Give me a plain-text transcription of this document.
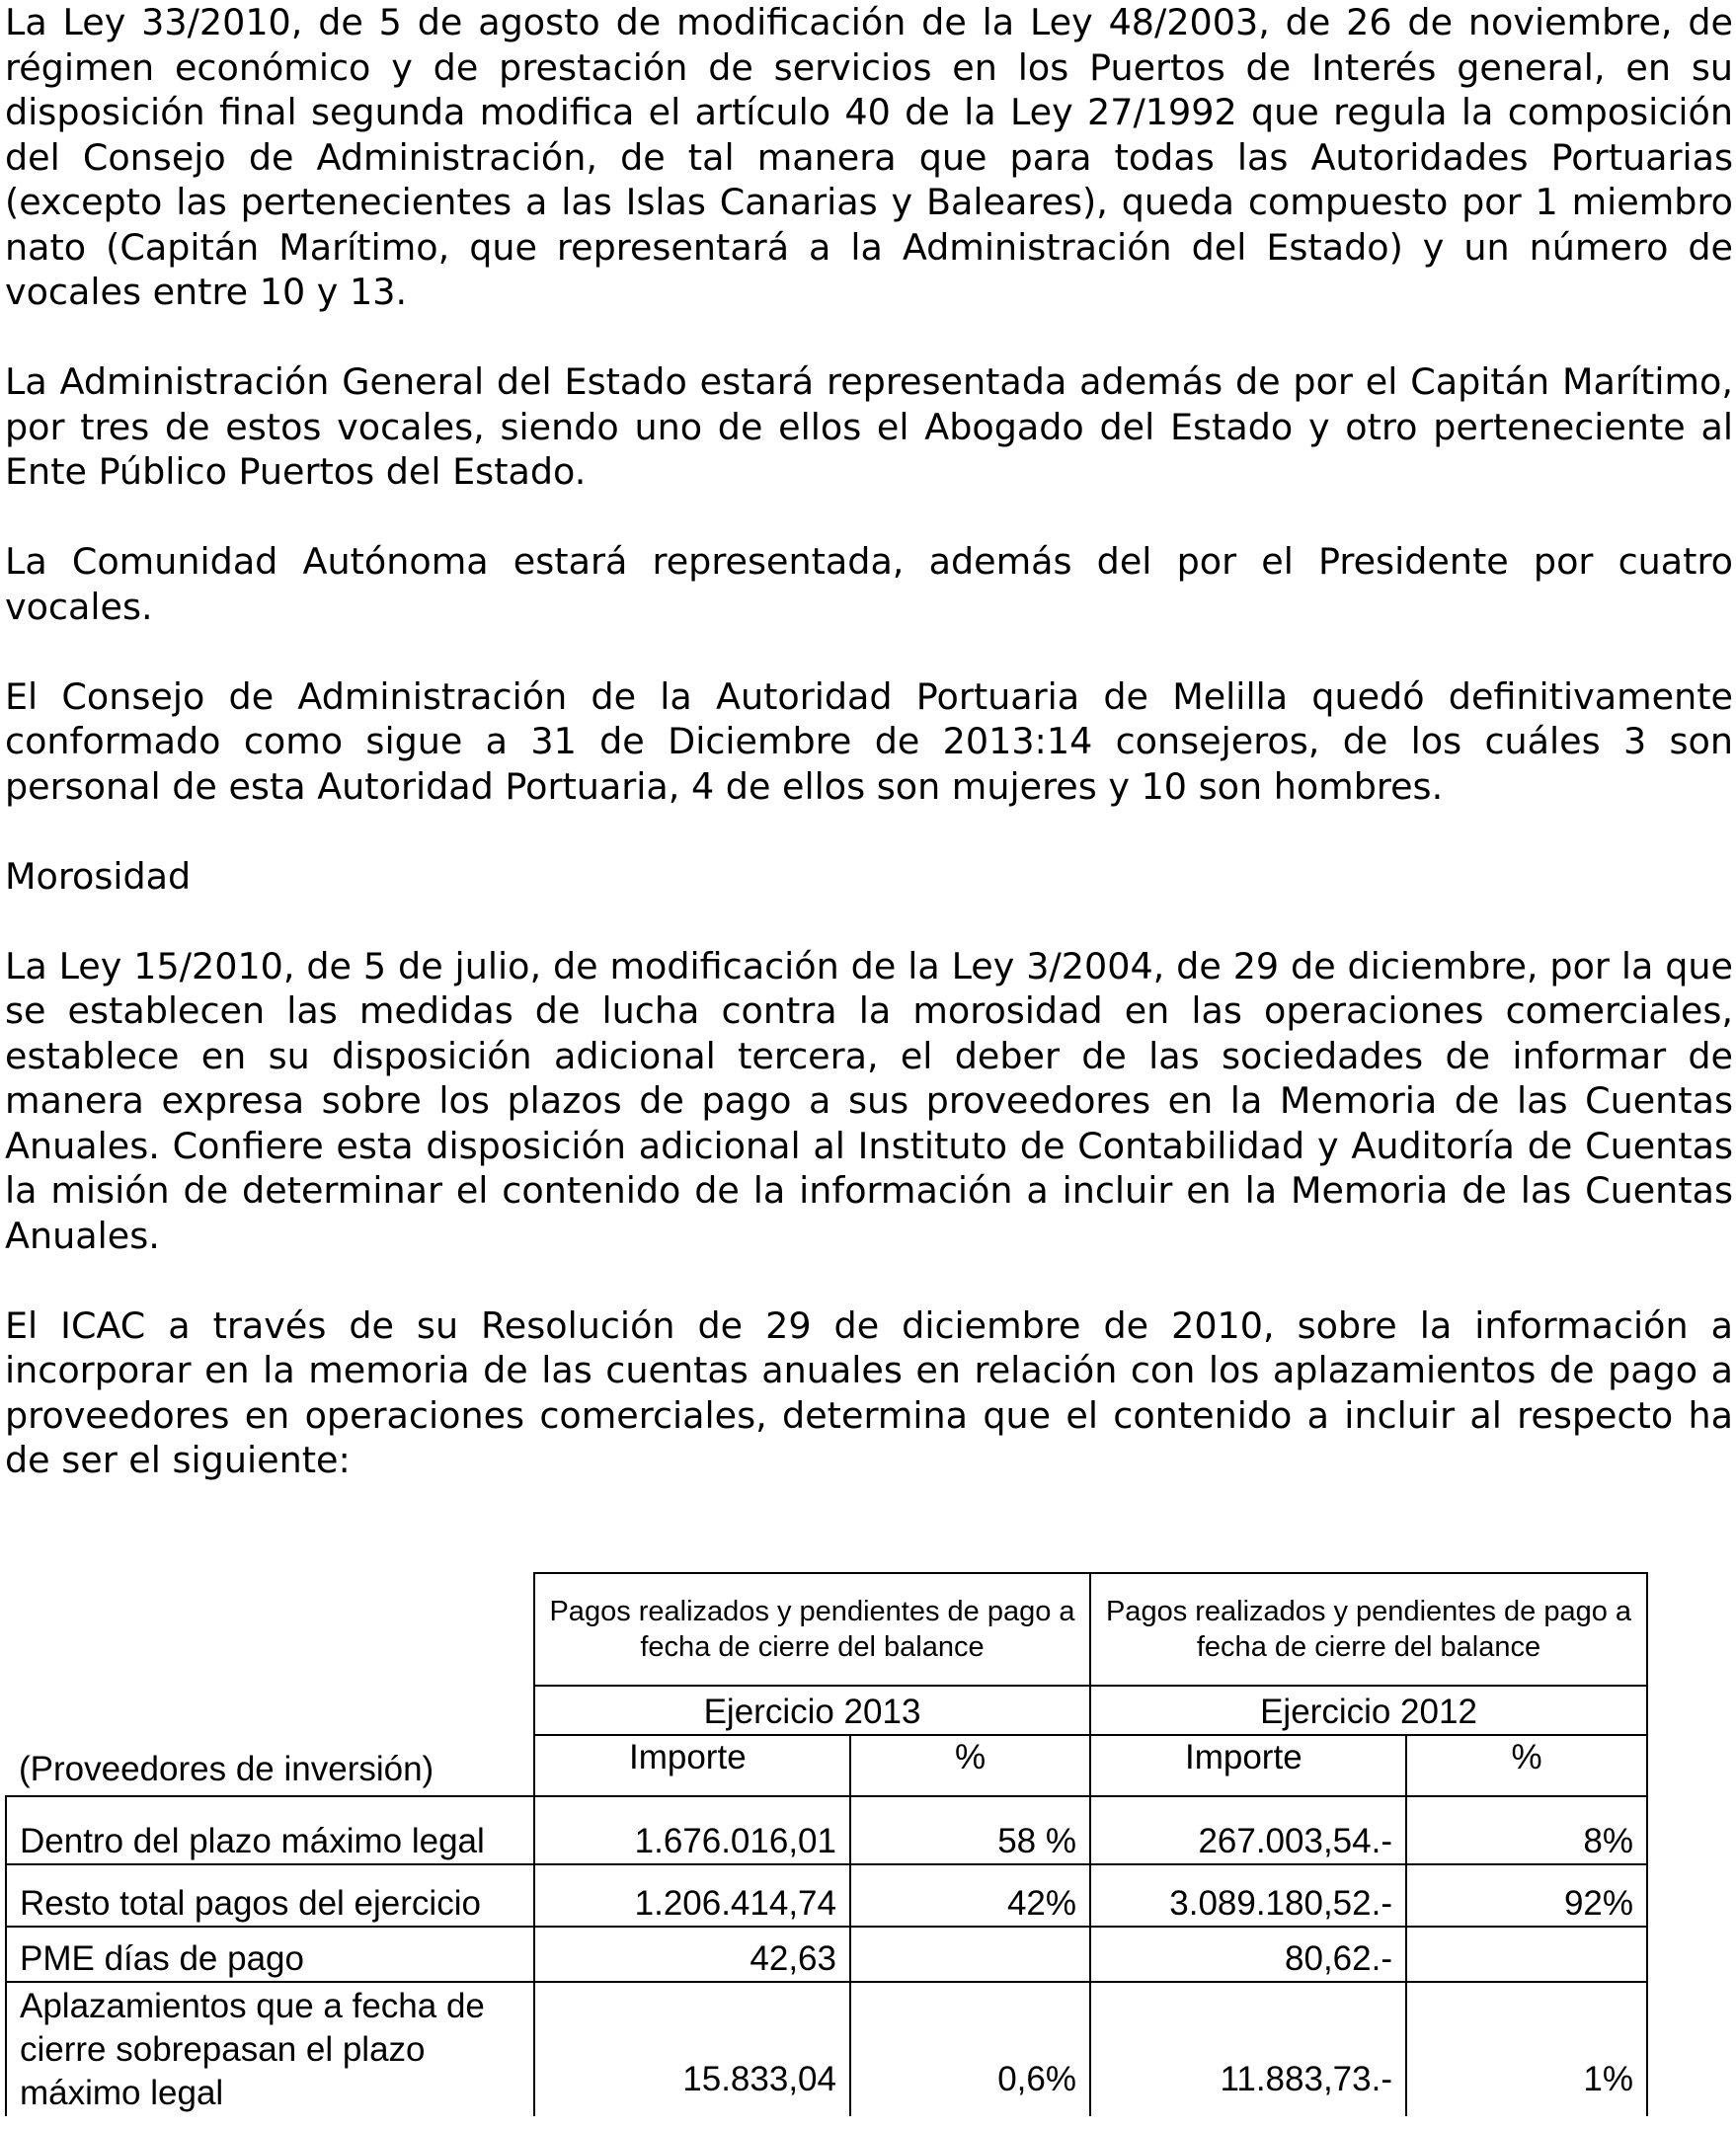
La Ley 33/2010, de 5 de agosto de modificación de la Ley 48/2003, de 26 de noviembre, de régimen económico y de prestación de servicios en los Puertos de Interés general, en su disposición final segunda modifica el artículo 40 de la Ley 27/1992 que regula la composición del Consejo de Administración, de tal manera que para todas las Autoridades Portuarias (excepto las pertenecientes a las Islas Canarias y Baleares), queda compuesto por 1 miembro nato (Capitán Marítimo, que representará a la Administración del Estado) y un número de vocales entre 10 y 13.

La Administración General del Estado estará representada además de por el Capitán Marítimo, por tres de estos vocales, siendo uno de ellos el Abogado del Estado y otro perteneciente al Ente Público Puertos del Estado.

La Comunidad Autónoma estará representada, además del por el Presidente por cuatro vocales.

El Consejo de Administración de la Autoridad Portuaria de Melilla quedó definitivamente conformado como sigue a 31 de Diciembre de 2013:14 consejeros, de los cuáles 3 son personal de esta Autoridad Portuaria, 4 de ellos son mujeres y 10 son hombres.

Morosidad

La Ley 15/2010, de 5 de julio, de modificación de la Ley 3/2004, de 29 de diciembre, por la que se establecen las medidas de lucha contra la morosidad en las operaciones comerciales, establece en su disposición adicional tercera, el deber de las sociedades de informar de manera expresa sobre los plazos de pago a sus proveedores en la Memoria de las Cuentas Anuales. Confiere esta disposición adicional al Instituto de Contabilidad y Auditoría de Cuentas la misión de determinar el contenido de la información a incluir en la Memoria de las Cuentas Anuales.

El ICAC a través de su Resolución de 29 de diciembre de 2010, sobre la información a incorporar en la memoria de las cuentas anuales en relación con los aplazamientos de pago a proveedores en operaciones comerciales, determina que el contenido a incluir al respecto ha de ser el siguiente:

	Pagos realizados y pendientes de pago a fecha de cierre del balance		Pagos realizados y pendientes de pago a fecha de cierre del balance	
(Proveedores de inversión)	Ejercicio 2013		Ejercicio 2012	
	Importe	%	Importe	%
Dentro del plazo máximo legal	1.676.016,01	58 %	267.003,54.-	8%
Resto total pagos del ejercicio	1.206.414,74	42%	3.089.180,52.-	92%
PME días de pago	42,63		80,62.-	
Aplazamientos que a fecha de cierre sobrepasan el plazo máximo legal	15.833,04	0,6%	11.883,73.-	1%
